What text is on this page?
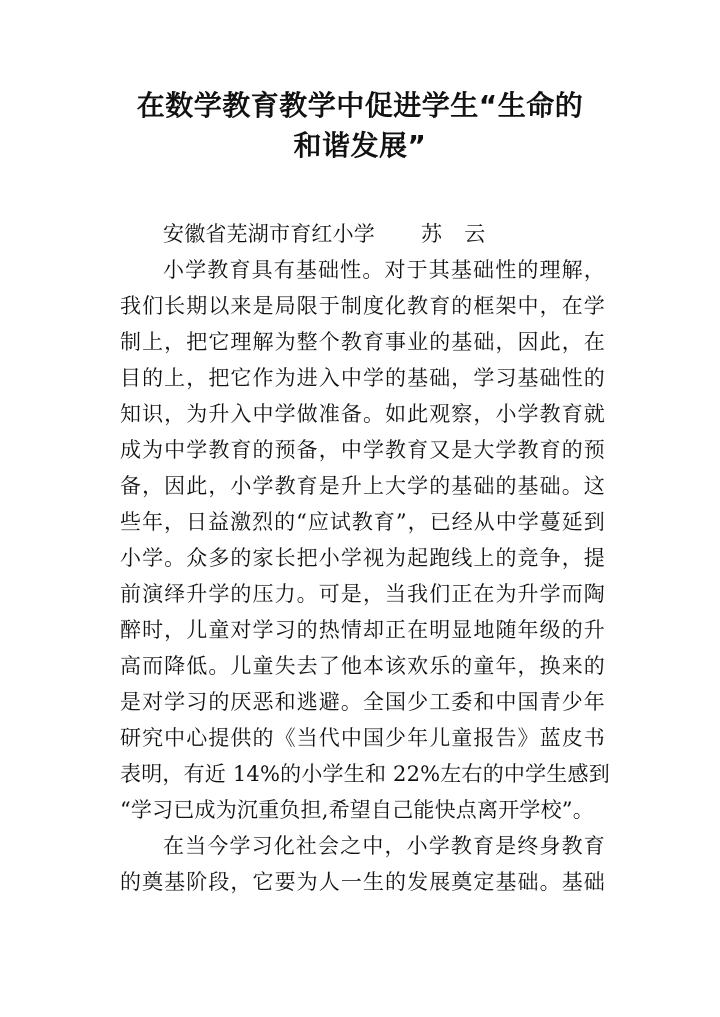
在数学教育教学中促进学生“生命的
和谐发展”
安徽省芜湖市育红小学 苏 云
小学教育具有基础性。对于其基础性的理解，
我们长期以来是局限于制度化教育的框架中，在学
制上，把它理解为整个教育事业的基础，因此，在
目的上，把它作为进入中学的基础，学习基础性的
知识，为升入中学做准备。如此观察，小学教育就
成为中学教育的预备，中学教育又是大学教育的预
备，因此，小学教育是升上大学的基础的基础。这
些年，日益激烈的“应试教育”，已经从中学蔓延到
小学。众多的家长把小学视为起跑线上的竞争，提
前演绎升学的压力。可是，当我们正在为升学而陶
醉时，儿童对学习的热情却正在明显地随年级的升
高而降低。儿童失去了他本该欢乐的童年，换来的
是对学习的厌恶和逃避。全国少工委和中国青少年
研究中心提供的《当代中国少年儿童报告》蓝皮书
表明，有近 14%的小学生和 22%左右的中学生感到
“学习已成为沉重负担,希望自己能快点离开学校”。
在当今学习化社会之中，小学教育是终身教育
的奠基阶段，它要为人一生的发展奠定基础。基础
